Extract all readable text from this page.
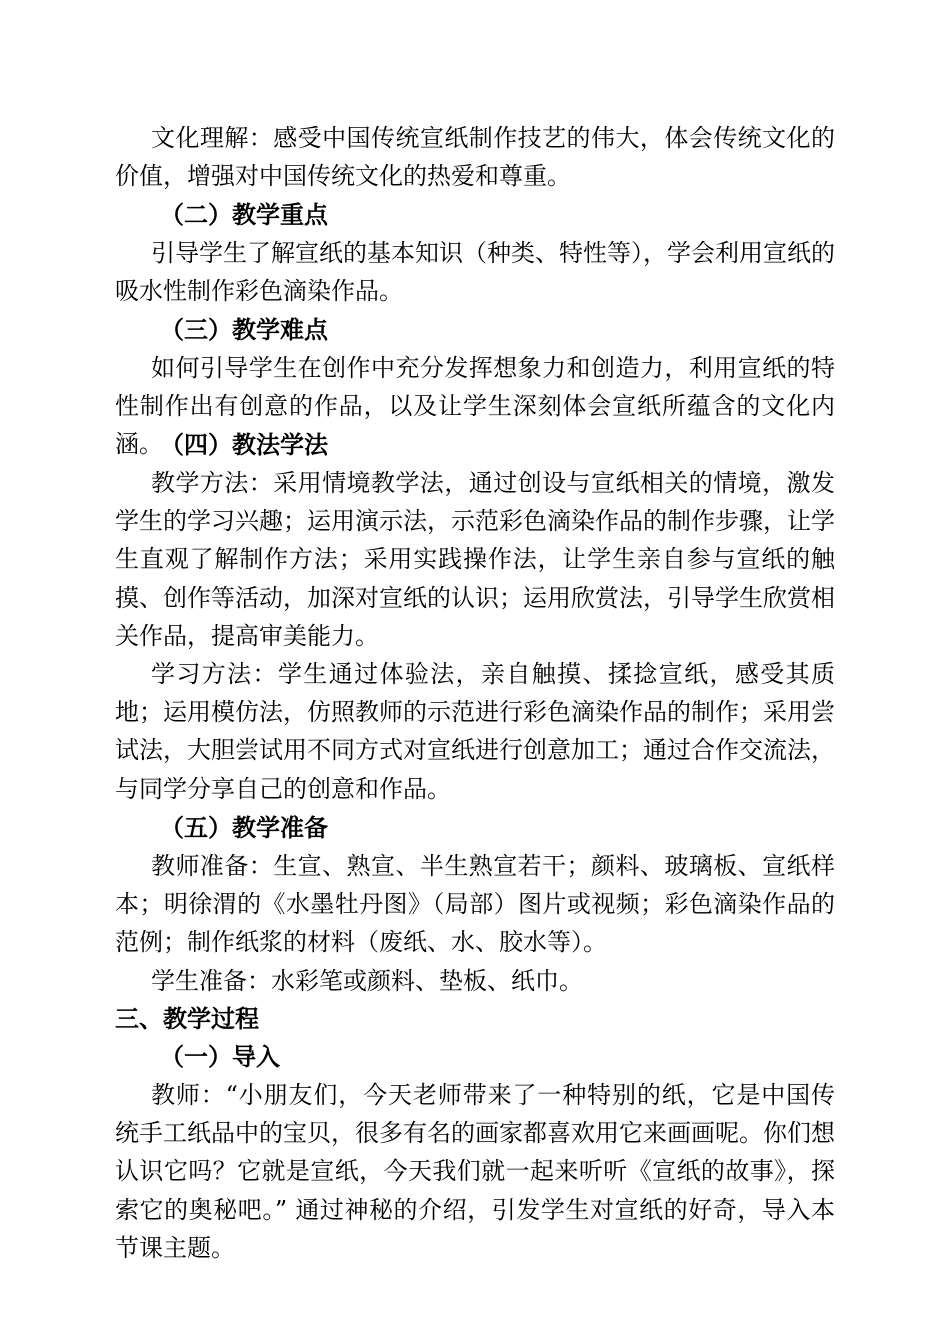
文化理解：感受中国传统宣纸制作技艺的伟大，体会传统文化的价值，增强对中国传统文化的热爱和尊重。

（二）教学重点

引导学生了解宣纸的基本知识（种类、特性等），学会利用宣纸的吸水性制作彩色滴染作品。

（三）教学难点

如何引导学生在创作中充分发挥想象力和创造力，利用宣纸的特性制作出有创意的作品，以及让学生深刻体会宣纸所蕴含的文化内涵。

（四）教法学法

教学方法：采用情境教学法，通过创设与宣纸相关的情境，激发学生的学习兴趣；运用演示法，示范彩色滴染作品的制作步骤，让学生直观了解制作方法；采用实践操作法，让学生亲自参与宣纸的触摸、创作等活动，加深对宣纸的认识；运用欣赏法，引导学生欣赏相关作品，提高审美能力。

学习方法：学生通过体验法，亲自触摸、揉捻宣纸，感受其质地；运用模仿法，仿照教师的示范进行彩色滴染作品的制作；采用尝试法，大胆尝试用不同方式对宣纸进行创意加工；通过合作交流法，与同学分享自己的创意和作品。

（五）教学准备

教师准备：生宣、熟宣、半生熟宣若干；颜料、玻璃板、宣纸样本；明徐渭的《水墨牡丹图》（局部）图片或视频；彩色滴染作品的范例；制作纸浆的材料（废纸、水、胶水等）。

学生准备：水彩笔或颜料、垫板、纸巾。

三、教学过程

（一）导入

教师：“小朋友们，今天老师带来了一种特别的纸，它是中国传统手工纸品中的宝贝，很多有名的画家都喜欢用它来画画呢。你们想认识它吗？它就是宣纸，今天我们就一起来听听《宣纸的故事》，探索它的奥秘吧。” 通过神秘的介绍，引发学生对宣纸的好奇，导入本节课主题。
